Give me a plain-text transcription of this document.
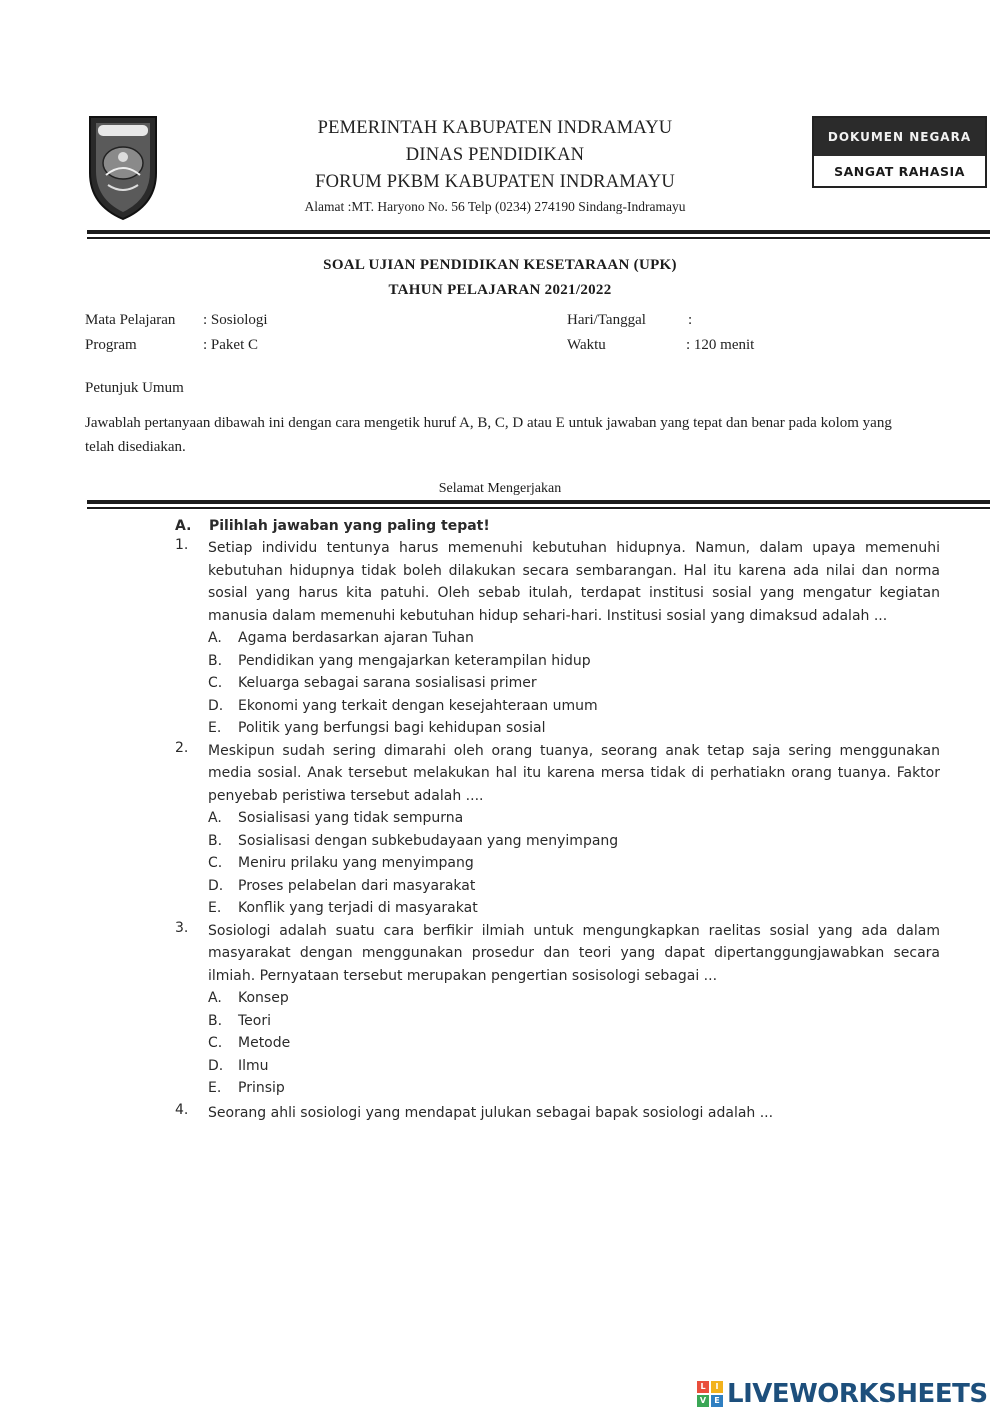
PEMERINTAH KABUPATEN INDRAMAYU
DINAS PENDIDIKAN
FORUM PKBM KABUPATEN INDRAMAYU
Alamat :MT. Haryono No. 56 Telp (0234) 274190 Sindang-Indramayu
DOKUMEN NEGARA
SANGAT RAHASIA
SOAL UJIAN PENDIDIKAN KESETARAAN (UPK)
TAHUN PELAJARAN 2021/2022
Mata Pelajaran : Sosiologi
Program	: Paket C
Hari/Tanggal	:
Waktu	: 120 menit
Petunjuk Umum
Jawablah pertanyaan dibawah ini dengan cara mengetik huruf A, B, C, D atau E untuk jawaban yang tepat dan benar pada kolom yang telah disediakan.
Selamat Mengerjakan
A.	Pilihlah jawaban yang paling tepat!
1.	Setiap individu tentunya harus memenuhi kebutuhan hidupnya. Namun, dalam upaya memenuhi kebutuhan hidupnya tidak boleh dilakukan secara sembarangan. Hal itu karena ada nilai dan norma sosial yang harus kita patuhi. Oleh sebab itulah, terdapat institusi sosial yang mengatur kegiatan manusia dalam memenuhi kebutuhan hidup sehari-hari. Institusi sosial yang dimaksud adalah ...
A.	Agama berdasarkan ajaran Tuhan
B.	Pendidikan yang mengajarkan keterampilan hidup
C.	Keluarga sebagai sarana sosialisasi primer
D.	Ekonomi yang terkait dengan kesejahteraan umum
E.	Politik yang berfungsi bagi kehidupan sosial
2.	Meskipun sudah sering dimarahi oleh orang tuanya, seorang anak tetap saja sering menggunakan media sosial. Anak tersebut melakukan hal itu karena mersa tidak di perhatiakn orang tuanya. Faktor penyebab peristiwa tersebut adalah ....
A.	Sosialisasi yang tidak sempurna
B.	Sosialisasi dengan subkebudayaan yang menyimpang
C.	Meniru prilaku yang menyimpang
D.	Proses pelabelan dari masyarakat
E.	Konflik yang terjadi di masyarakat
3.	Sosiologi adalah suatu cara berfikir ilmiah untuk mengungkapkan raelitas sosial yang ada dalam masyarakat dengan menggunakan prosedur dan teori yang dapat dipertanggungjawabkan secara ilmiah. Pernyataan tersebut merupakan pengertian sosisologi sebagai ...
A.	Konsep
B.	Teori
C.	Metode
D.	Ilmu
E.	Prinsip
4.	Seorang ahli sosiologi yang mendapat julukan sebagai bapak sosiologi adalah ...
L	I
V	E LIVEWORKSHEETS
